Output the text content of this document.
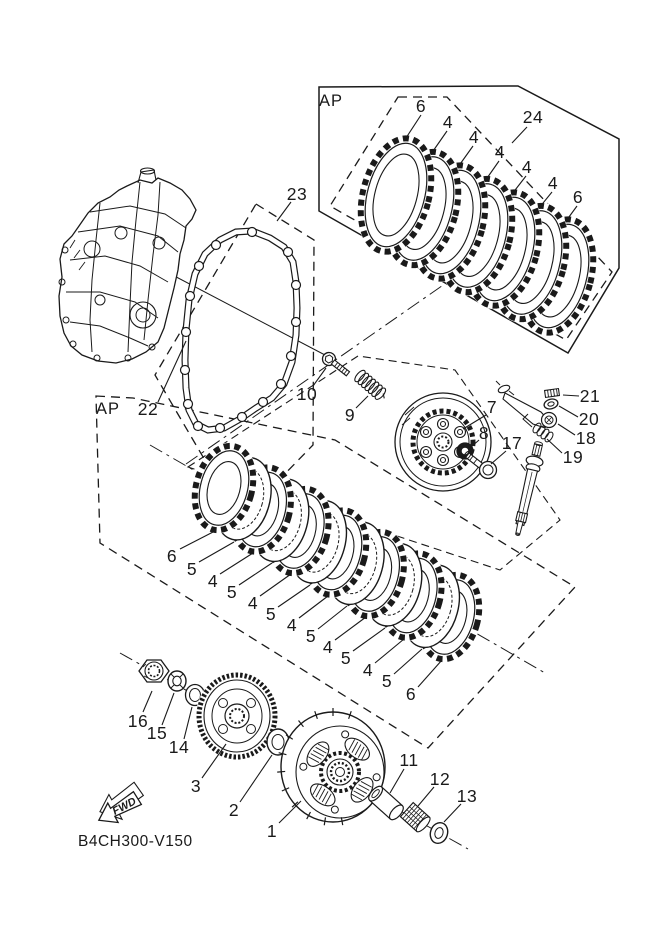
FWD
B4CH300-V150
6
4
4
4
4
4
6
24
23
22
10
9	7
8 17
21
20
18
19
6
5
4
5
4
5
4
5
4
5
4
5
6
16
15
14
3
2
1
11
12
13
AP
AP
